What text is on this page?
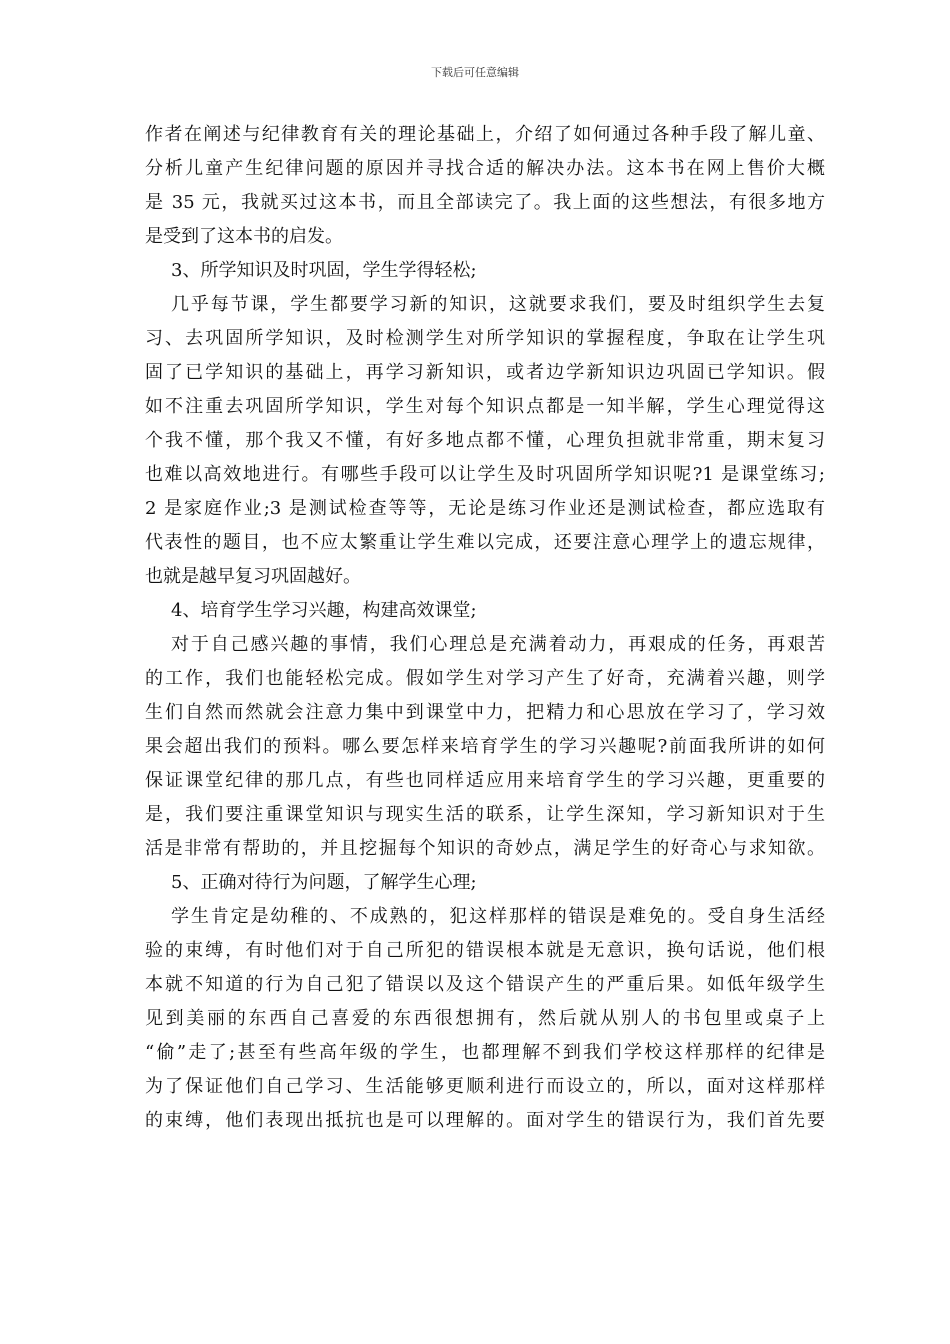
下载后可任意编辑
作者在阐述与纪律教育有关的理论基础上，介绍了如何通过各种手段了解儿童、
分析儿童产生纪律问题的原因并寻找合适的解决办法。这本书在网上售价大概
是 35 元，我就买过这本书，而且全部读完了。我上面的这些想法，有很多地方
是受到了这本书的启发。
3、所学知识及时巩固，学生学得轻松;
几乎每节课，学生都要学习新的知识，这就要求我们，要及时组织学生去复
习、去巩固所学知识，及时检测学生对所学知识的掌握程度，争取在让学生巩
固了已学知识的基础上，再学习新知识，或者边学新知识边巩固已学知识。假
如不注重去巩固所学知识，学生对每个知识点都是一知半解，学生心理觉得这
个我不懂，那个我又不懂，有好多地点都不懂，心理负担就非常重，期末复习
也难以高效地进行。有哪些手段可以让学生及时巩固所学知识呢?1 是课堂练习;
2 是家庭作业;3 是测试检查等等，无论是练习作业还是测试检查，都应选取有
代表性的题目，也不应太繁重让学生难以完成，还要注意心理学上的遗忘规律，
也就是越早复习巩固越好。
4、培育学生学习兴趣，构建高效课堂;
对于自己感兴趣的事情，我们心理总是充满着动力，再艰成的任务，再艰苦
的工作，我们也能轻松完成。假如学生对学习产生了好奇，充满着兴趣，则学
生们自然而然就会注意力集中到课堂中力，把精力和心思放在学习了，学习效
果会超出我们的预料。哪么要怎样来培育学生的学习兴趣呢?前面我所讲的如何
保证课堂纪律的那几点，有些也同样适应用来培育学生的学习兴趣，更重要的
是，我们要注重课堂知识与现实生活的联系，让学生深知，学习新知识对于生
活是非常有帮助的，并且挖掘每个知识的奇妙点，满足学生的好奇心与求知欲。
5、正确对待行为问题，了解学生心理;
学生肯定是幼稚的、不成熟的，犯这样那样的错误是难免的。受自身生活经
验的束缚，有时他们对于自己所犯的错误根本就是无意识，换句话说，他们根
本就不知道的行为自己犯了错误以及这个错误产生的严重后果。如低年级学生
见到美丽的东西自己喜爱的东西很想拥有，然后就从别人的书包里或桌子上
“偷”走了;甚至有些高年级的学生，也都理解不到我们学校这样那样的纪律是
为了保证他们自己学习、生活能够更顺利进行而设立的，所以，面对这样那样
的束缚，他们表现出抵抗也是可以理解的。面对学生的错误行为，我们首先要
